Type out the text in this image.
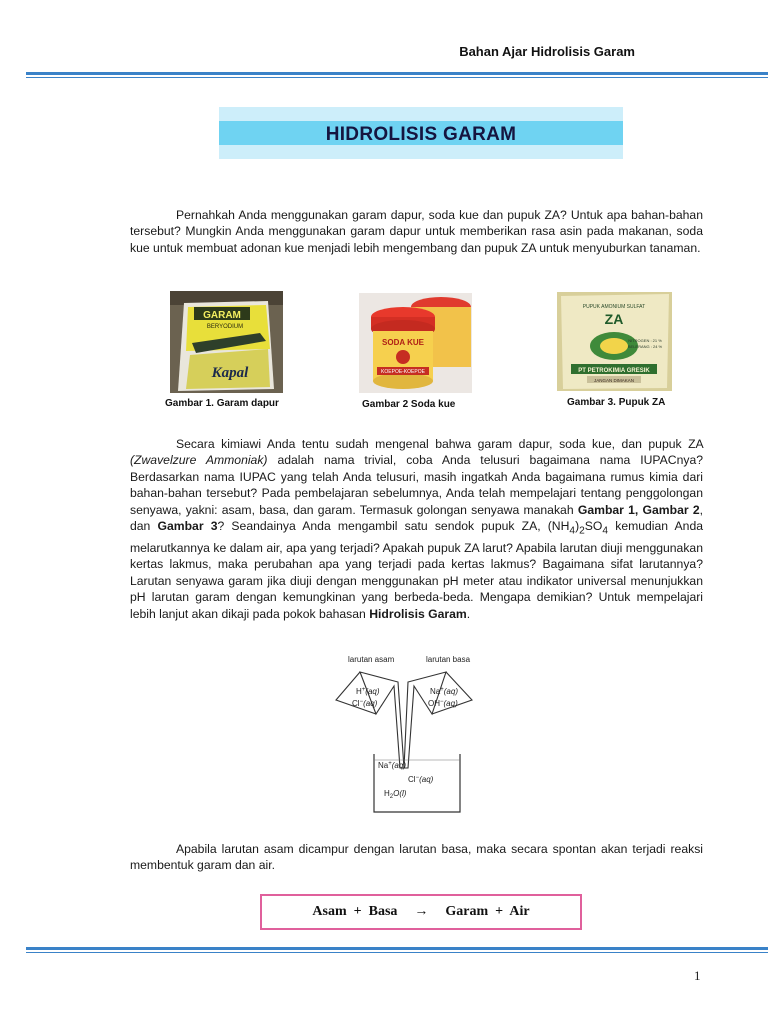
Bahan Ajar Hidrolisis Garam
HIDROLISIS GARAM

Pernahkah Anda menggunakan garam dapur, soda kue dan pupuk ZA? Untuk apa bahan-bahan tersebut? Mungkin Anda menggunakan garam dapur untuk memberikan rasa asin pada makanan, soda kue untuk membuat adonan kue menjadi lebih mengembang dan pupuk ZA untuk menyuburkan tanaman.

GARAM
BERYODIUM
Kapal
Gambar 1. Garam dapur
SODA KUE
KOEPOE-KOEPOE
Gambar 2 Soda kue
PUPUK AMONIUM SULFAT
ZA
NITROGEN : 21 %
BELERANG : 24 %
PT PETROKIMIA GRESIK
JANGAN DIMAKAN
Gambar 3. Pupuk ZA

Secara kimiawi Anda tentu sudah mengenal bahwa garam dapur, soda kue, dan pupuk ZA (Zwavelzure Ammoniak) adalah nama trivial, coba Anda telusuri bagaimana nama IUPACnya? Berdasarkan nama IUPAC yang telah Anda telusuri, masih ingatkah Anda bagaimana rumus kimia dari bahan-bahan tersebut? Pada pembelajaran sebelumnya, Anda telah mempelajari tentang penggolongan senyawa, yakni: asam, basa, dan garam. Termasuk golongan senyawa manakah Gambar 1, Gambar 2, dan Gambar 3? Seandainya Anda mengambil satu sendok pupuk ZA, $(NH_4)_2SO_4$ kemudian Anda melarutkannya ke dalam air, apa yang terjadi? Apakah pupuk ZA larut? Apabila larutan diuji menggunakan kertas lakmus, maka perubahan apa yang terjadi pada kertas lakmus? Bagaimana sifat larutannya? Larutan senyawa garam jika diuji dengan menggunakan pH meter atau indikator universal menunjukkan pH larutan garam dengan kemungkinan yang berbeda-beda. Mengapa demikian? Untuk mempelajari lebih lanjut akan dikaji pada pokok bahasan Hidrolisis Garam.

larutan asam	larutan basa
H+(aq)
Cl−(aq)
Na+(aq)
OH−(aq)
Na+(aq)
Cl−(aq)
$H_2O(l)$

Apabila larutan asam dicampur dengan larutan basa, maka secara spontan akan terjadi reaksi membentuk garam dan air.

Asam  +  Basa → Garam  +  Air
1
